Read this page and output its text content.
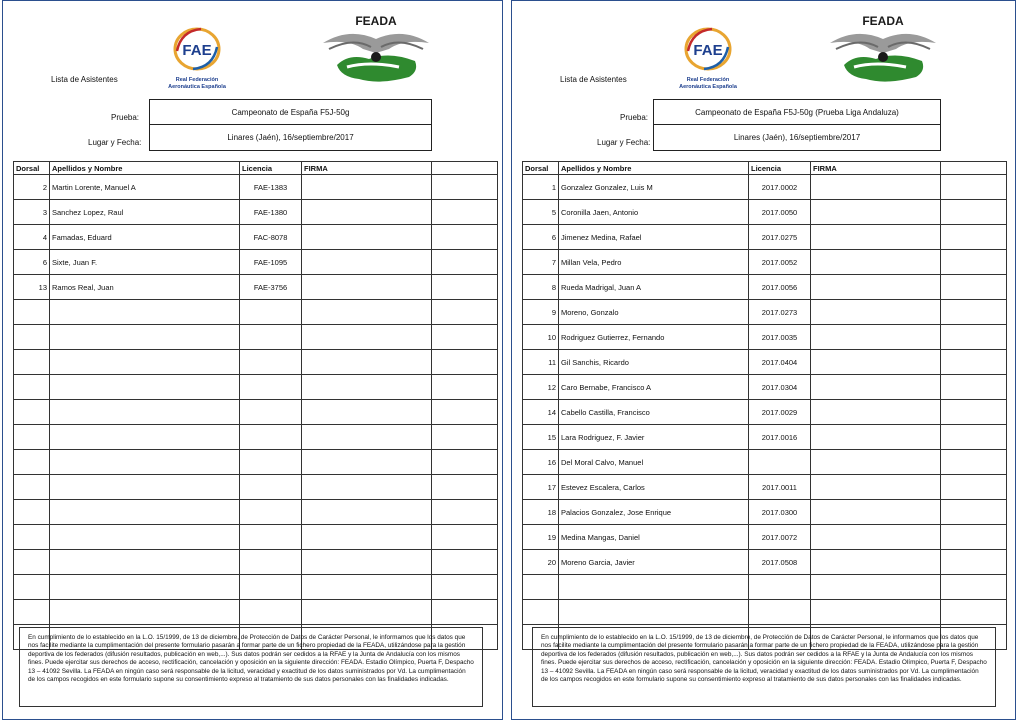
FAE
Real Federación
Aeronáutica Española
FEADA
Lista de Asistentes
Prueba:
Lugar y Fecha:
Campeonato de España F5J-50g
Linares (Jaén), 16/septiembre/2017
Dorsal	Apellidos y Nombre	Licencia	FIRMA	
2	Martin Lorente, Manuel A	FAE-1383		
3	Sanchez Lopez, Raul	FAE-1380		
4	Famadas, Eduard	FAC-8078		
6	Sixte, Juan F.	FAE-1095		
13	Ramos Real, Juan	FAE-3756		

En cumplimiento de lo establecido en la L.O. 15/1999, de 13 de diciembre, de Protección de Datos de Carácter Personal, le informamos que los datos que nos facilite mediante la cumplimentación del presente formulario pasarán a formar parte de un fichero propiedad de la FEADA, utilizándose para la gestión deportiva de los federados (difusión resultados, publicación en web,...). Sus datos podrán ser cedidos a la RFAE y la Junta de Andalucía con los mismos fines. Puede ejercitar sus derechos de acceso, rectificación, cancelación y oposición en la siguiente dirección: FEADA. Estadio Olímpico, Puerta F, Despacho 13 – 41092 Sevilla. La FEADA en ningún caso será responsable de la licitud, veracidad y exactitud de los datos suministrados por Vd. La cumplimentación de los campos recogidos en este formulario supone su consentimiento expreso al tratamiento de sus datos personales con las finalidades indicadas.
FAE
Real Federación
Aeronáutica Española
FEADA
Lista de Asistentes
Prueba:
Lugar y Fecha:
Campeonato de España F5J-50g (Prueba Liga Andaluza)
Linares (Jaén), 16/septiembre/2017
Dorsal	Apellidos y Nombre	Licencia	FIRMA	
1	Gonzalez Gonzalez, Luis M	2017.0002		
5	Coronilla Jaen, Antonio	2017.0050		
6	Jimenez Medina, Rafael	2017.0275		
7	Millan Vela, Pedro	2017.0052		
8	Rueda Madrigal, Juan A	2017.0056		
9	Moreno, Gonzalo	2017.0273		
10	Rodriguez Gutierrez, Fernando	2017.0035		
11	Gil Sanchis, Ricardo	2017.0404		
12	Caro Bernabe, Francisco A	2017.0304		
14	Cabello Castilla, Francisco	2017.0029		
15	Lara Rodriguez, F. Javier	2017.0016		
16	Del Moral Calvo, Manuel			
17	Estevez Escalera, Carlos	2017.0011		
18	Palacios Gonzalez, Jose Enrique	2017.0300		
19	Medina Mangas, Daniel	2017.0072		
20	Moreno Garcia, Javier	2017.0508		

En cumplimiento de lo establecido en la L.O. 15/1999, de 13 de diciembre, de Protección de Datos de Carácter Personal, le informamos que los datos que nos facilite mediante la cumplimentación del presente formulario pasarán a formar parte de un fichero propiedad de la FEADA, utilizándose para la gestión deportiva de los federados (difusión resultados, publicación en web,...). Sus datos podrán ser cedidos a la RFAE y la Junta de Andalucía con los mismos fines. Puede ejercitar sus derechos de acceso, rectificación, cancelación y oposición en la siguiente dirección: FEADA. Estadio Olímpico, Puerta F, Despacho 13 – 41092 Sevilla. La FEADA en ningún caso será responsable de la licitud, veracidad y exactitud de los datos suministrados por Vd. La cumplimentación de los campos recogidos en este formulario supone su consentimiento expreso al tratamiento de sus datos personales con las finalidades indicadas.
